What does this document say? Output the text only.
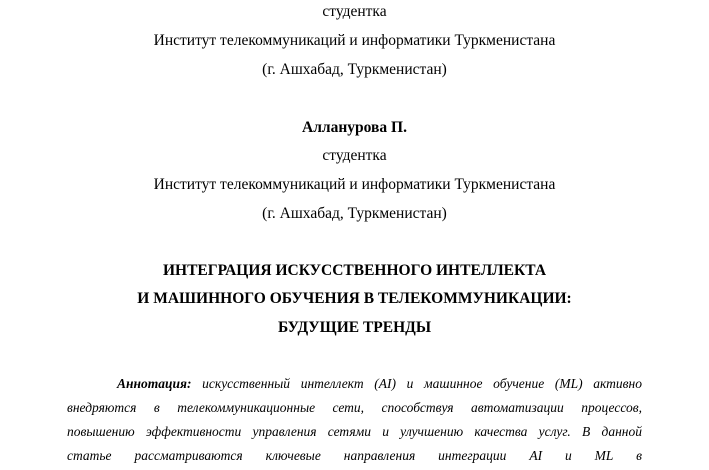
студентка
Институт телекоммуникаций и информатики Туркменистана
(г. Ашхабад, Туркменистан)
Алланурова П.
студентка
Институт телекоммуникаций и информатики Туркменистана
(г. Ашхабад, Туркменистан)
ИНТЕГРАЦИЯ ИСКУССТВЕННОГО ИНТЕЛЛЕКТА
И МАШИННОГО ОБУЧЕНИЯ В ТЕЛЕКОММУНИКАЦИИ:
БУДУЩИЕ ТРЕНДЫ
Аннотация: искусственный интеллект (AI) и машинное обучение (ML) активно
внедряются в телекоммуникационные сети, способствуя автоматизации процессов,
повышению эффективности управления сетями и улучшению качества услуг. В данной
статье рассматриваются ключевые направления интеграции AI и ML в
